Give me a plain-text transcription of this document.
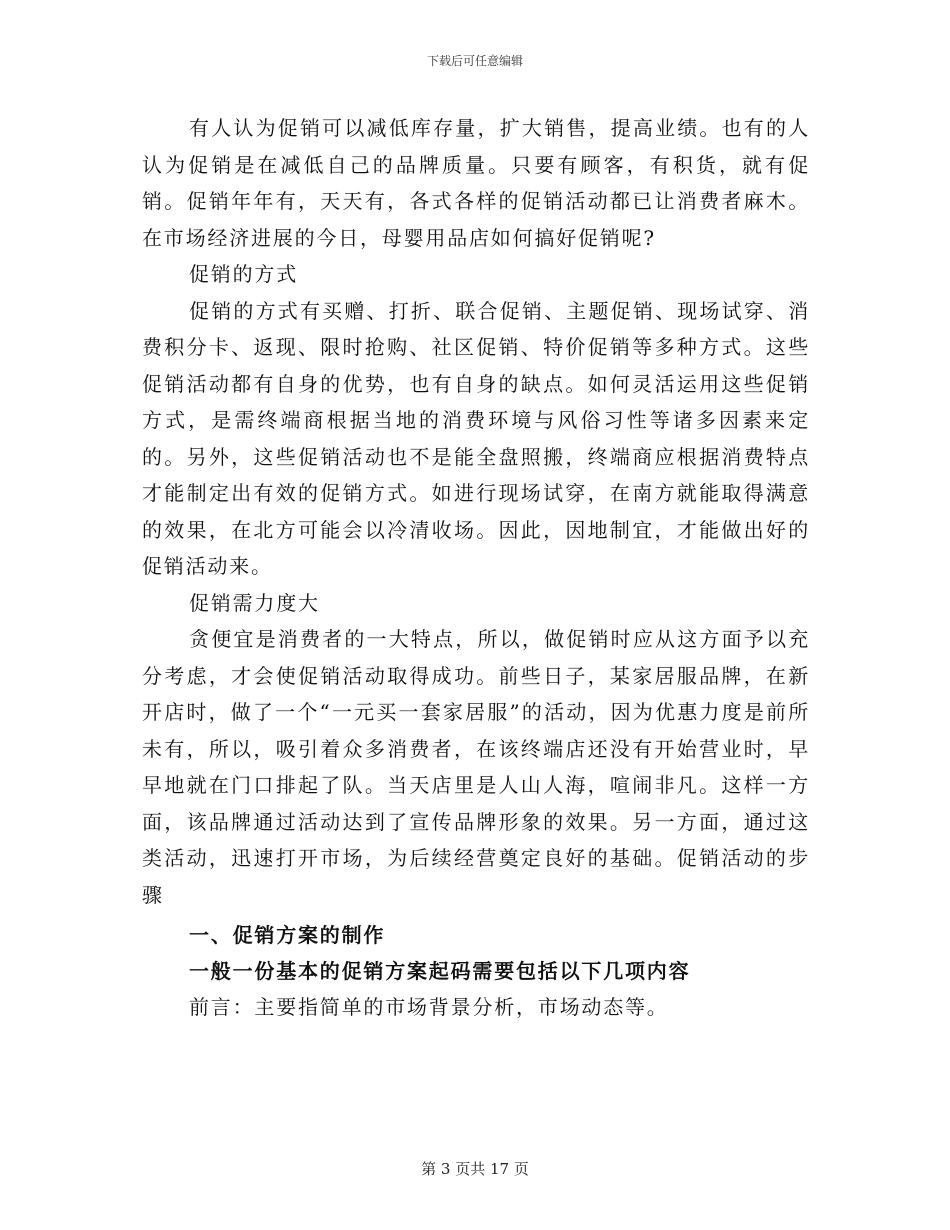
下载后可任意编辑

有人认为促销可以减低库存量，扩大销售，提高业绩。也有的人认为促销是在减低自己的品牌质量。只要有顾客，有积货，就有促销。促销年年有，天天有，各式各样的促销活动都已让消费者麻木。在市场经济进展的今日，母婴用品店如何搞好促销呢?

促销的方式

促销的方式有买赠、打折、联合促销、主题促销、现场试穿、消费积分卡、返现、限时抢购、社区促销、特价促销等多种方式。这些促销活动都有自身的优势，也有自身的缺点。如何灵活运用这些促销方式，是需终端商根据当地的消费环境与风俗习性等诸多因素来定的。另外，这些促销活动也不是能全盘照搬，终端商应根据消费特点才能制定出有效的促销方式。如进行现场试穿，在南方就能取得满意的效果，在北方可能会以冷清收场。因此，因地制宜，才能做出好的促销活动来。

促销需力度大

贪便宜是消费者的一大特点，所以，做促销时应从这方面予以充分考虑，才会使促销活动取得成功。前些日子，某家居服品牌，在新开店时，做了一个“一元买一套家居服”的活动，因为优惠力度是前所未有，所以，吸引着众多消费者，在该终端店还没有开始营业时，早早地就在门口排起了队。当天店里是人山人海，喧闹非凡。这样一方面，该品牌通过活动达到了宣传品牌形象的效果。另一方面，通过这类活动，迅速打开市场，为后续经营奠定良好的基础。促销活动的步骤

一、促销方案的制作

一般一份基本的促销方案起码需要包括以下几项内容

前言：主要指简单的市场背景分析，市场动态等。

第 3 页共 17 页
